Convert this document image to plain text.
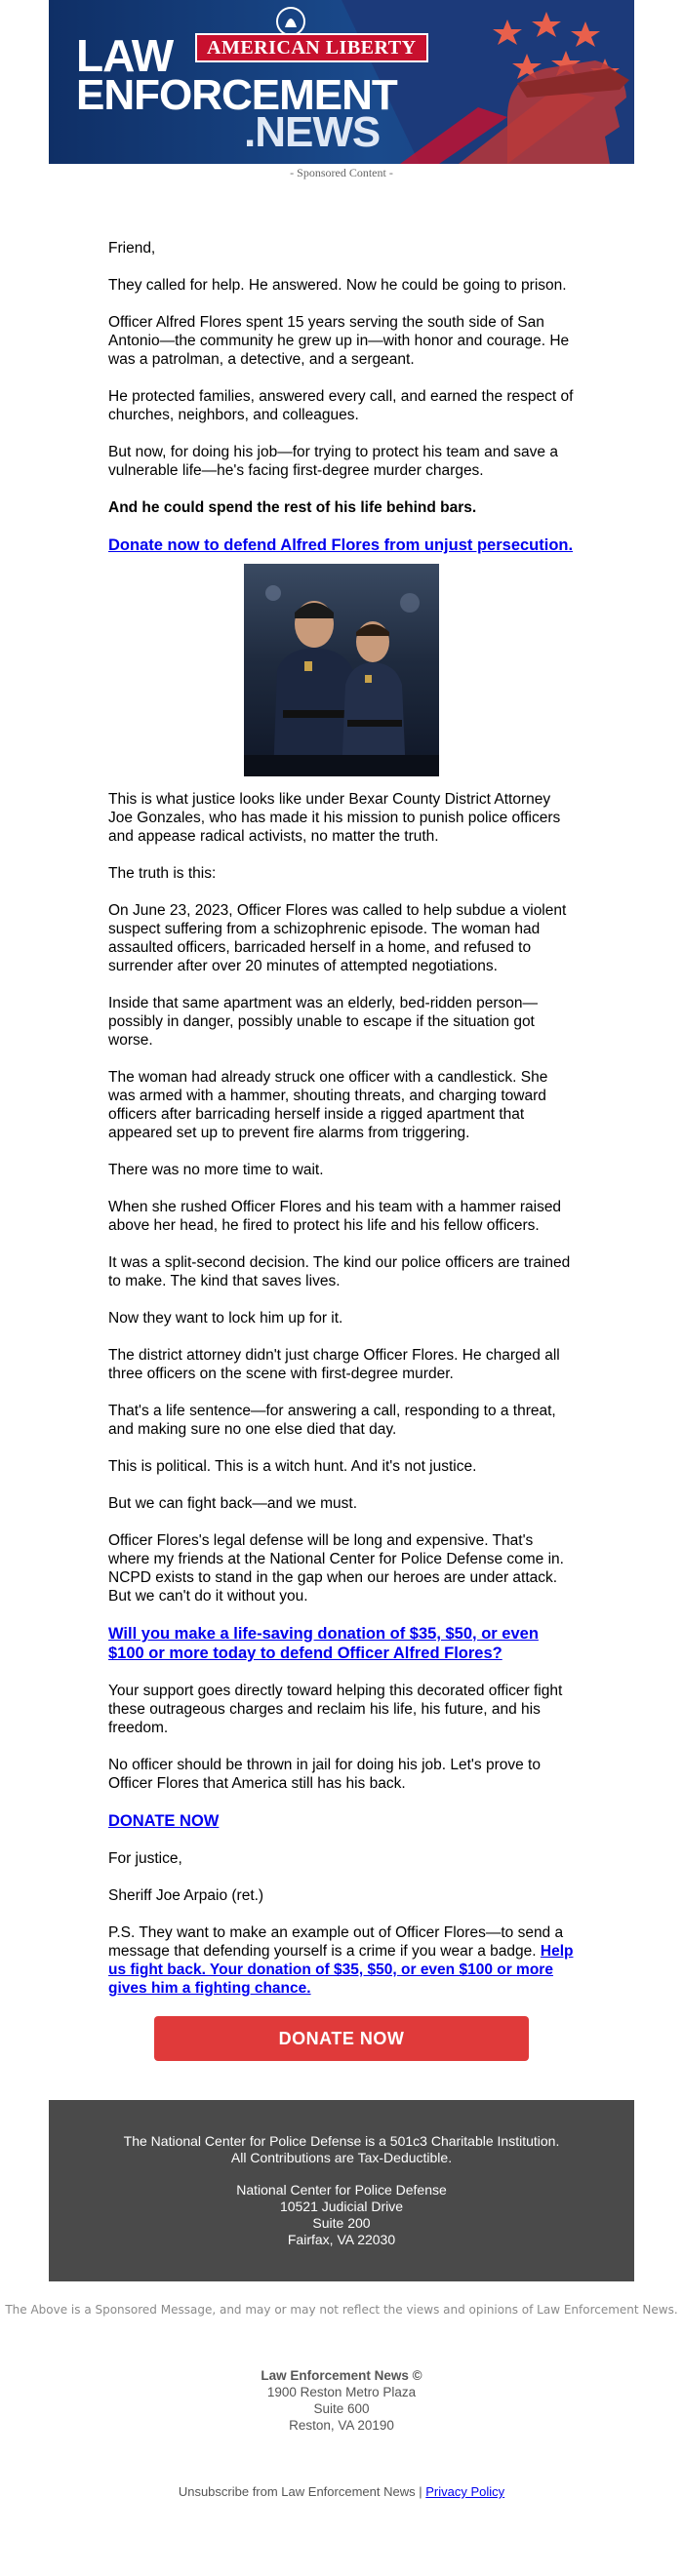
AMERICAN LIBERTY
LAW
ENFORCEMENT
.NEWS
- Sponsored Content -

Friend,

They called for help. He answered. Now he could be going to prison.

Officer Alfred Flores spent 15 years serving the south side of San Antonio—the community he grew up in—with honor and courage. He was a patrolman, a detective, and a sergeant.

He protected families, answered every call, and earned the respect of churches, neighbors, and colleagues.

But now, for doing his job—for trying to protect his team and save a vulnerable life—he's facing first-degree murder charges.

And he could spend the rest of his life behind bars.

Donate now to defend Alfred Flores from unjust persecution.

This is what justice looks like under Bexar County District Attorney Joe Gonzales, who has made it his mission to punish police officers and appease radical activists, no matter the truth.

The truth is this:

On June 23, 2023, Officer Flores was called to help subdue a violent suspect suffering from a schizophrenic episode. The woman had assaulted officers, barricaded herself in a home, and refused to surrender after over 20 minutes of attempted negotiations.

Inside that same apartment was an elderly, bed-ridden person—possibly in danger, possibly unable to escape if the situation got worse.

The woman had already struck one officer with a candlestick. She was armed with a hammer, shouting threats, and charging toward officers after barricading herself inside a rigged apartment that appeared set up to prevent fire alarms from triggering.

There was no more time to wait.

When she rushed Officer Flores and his team with a hammer raised above her head, he fired to protect his life and his fellow officers.

It was a split-second decision. The kind our police officers are trained to make. The kind that saves lives.

Now they want to lock him up for it.

The district attorney didn't just charge Officer Flores. He charged all three officers on the scene with first-degree murder.

That's a life sentence—for answering a call, responding to a threat, and making sure no one else died that day.

This is political. This is a witch hunt. And it's not justice.

But we can fight back—and we must.

Officer Flores's legal defense will be long and expensive. That's where my friends at the National Center for Police Defense come in. NCPD exists to stand in the gap when our heroes are under attack. But we can't do it without you.

Will you make a life-saving donation of $35, $50, or even $100 or more today to defend Officer Alfred Flores?

Your support goes directly toward helping this decorated officer fight these outrageous charges and reclaim his life, his future, and his freedom.

No officer should be thrown in jail for doing his job. Let's prove to Officer Flores that America still has his back.

DONATE NOW

For justice,

Sheriff Joe Arpaio (ret.)

P.S. They want to make an example out of Officer Flores—to send a message that defending yourself is a crime if you wear a badge. Help us fight back. Your donation of $35, $50, or even $100 or more gives him a fighting chance.

DONATE NOW
The National Center for Police Defense is a 501c3 Charitable Institution. All Contributions are Tax-Deductible.
National Center for Police Defense
10521 Judicial Drive
Suite 200
Fairfax, VA 22030
The Above is a Sponsored Message, and may or may not reflect the views and opinions of Law Enforcement News.
Law Enforcement News ©
1900 Reston Metro Plaza
Suite 600
Reston, VA 20190
Unsubscribe from Law Enforcement News | Privacy Policy
